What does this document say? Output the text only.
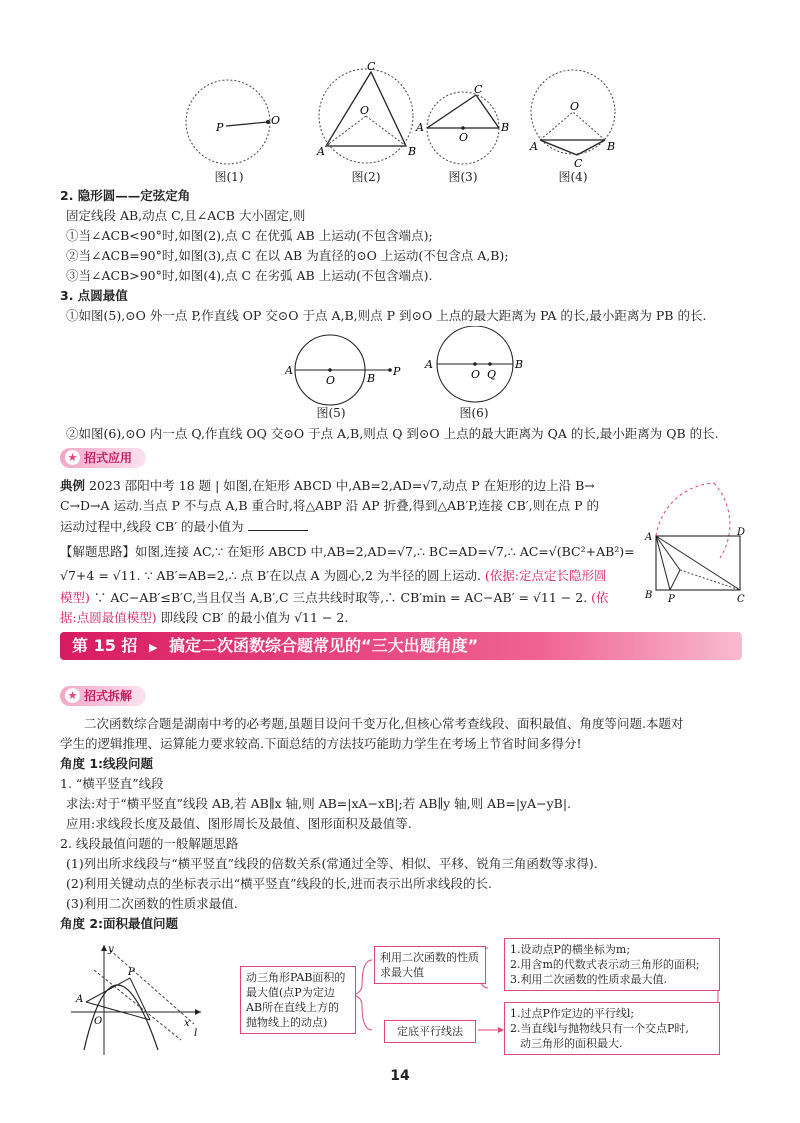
P
O
C
O
A	B
C
O
A	B
O
A	B
C
图(1)	图(2)	图(3)	图(4)
2. 隐形圆——定弦定角
固定线段 AB,动点 C,且∠ACB 大小固定,则
①当∠ACB<90°时,如图(2),点 C 在优弧 AB 上运动(不包含端点);
②当∠ACB=90°时,如图(3),点 C 在以 AB 为直径的⊙O 上运动(不包含点 A,B);
③当∠ACB>90°时,如图(4),点 C 在劣弧 AB 上运动(不包含端点).
3. 点圆最值
①如图(5),⊙O 外一点 P,作直线 OP 交⊙O 于点 A,B,则点 P 到⊙O 上点的最大距离为 PA 的长,最小距离为 PB 的长.
A
O	B
P
A
O Q
B
图(5)	图(6)
②如图(6),⊙O 内一点 Q,作直线 OQ 交⊙O 于点 A,B,则点 Q 到⊙O 上点的最大距离为 QA 的长,最小距离为 QB 的长.
★ 招式应用
典例 2023 邵阳中考 18 题 | 如图,在矩形 ABCD 中,AB=2,AD=√7,动点 P 在矩形的边上沿 B→
C→D→A 运动.当点 P 不与点 A,B 重合时,将△ABP 沿 AP 折叠,得到△AB′P,连接 CB′,则在点 P 的
运动过程中,线段 CB′ 的最小值为
【解题思路】如图,连接 AC,∵ 在矩形 ABCD 中,AB=2,AD=√7,∴ BC=AD=√7,∴ AC=√(BC²+AB²)=
√7+4 = √11. ∵ AB′=AB=2,∴ 点 B′在以点 A 为圆心,2 为半径的圆上运动. (依据:定点定长隐形圆
模型) ∵ AC−AB′≤B′C,当且仅当 A,B′,C 三点共线时取等,∴ CB′min = AC−AB′ = √11 − 2. (依
据:点圆最值模型) 即线段 CB′ 的最小值为 √11 − 2.
A	D
B P	C
第 15 招 ▶ 搞定二次函数综合题常见的“三大出题角度”
★ 招式拆解
二次函数综合题是湖南中考的必考题,虽题目设问千变万化,但核心常考查线段、面积最值、角度等问题.本题对
学生的逻辑推理、运算能力要求较高.下面总结的方法技巧能助力学生在考场上节省时间多得分!
角度 1:线段问题
1. “横平竖直”线段
求法:对于“横平竖直”线段 AB,若 AB∥x 轴,则 AB=|xA−xB|;若 AB∥y 轴,则 AB=|yA−yB|.
应用:求线段长度及最值、图形周长及最值、图形面积及最值等.
2. 线段最值问题的一般解题思路
(1)列出所求线段与“横平竖直”线段的倍数关系(常通过全等、相似、平移、锐角三角函数等求得).
(2)利用关键动点的坐标表示出“横平竖直”线段的长,进而表示出所求线段的长.
(3)利用二次函数的性质求最值.
角度 2:面积最值问题
y
P
A
O	x
l
动三角形PAB面积的最大值(点P为定边AB所在直线上方的抛物线上的动点)
利用二次函数的性质求最大值
定底平行线法
1.设动点P的横坐标为m;
2.用含m的代数式表示动三角形的面积;
3.利用二次函数的性质求最大值.
1.过点P作定边的平行线l;
2.当直线l与抛物线只有一个交点P时,
动三角形的面积最大.
14
